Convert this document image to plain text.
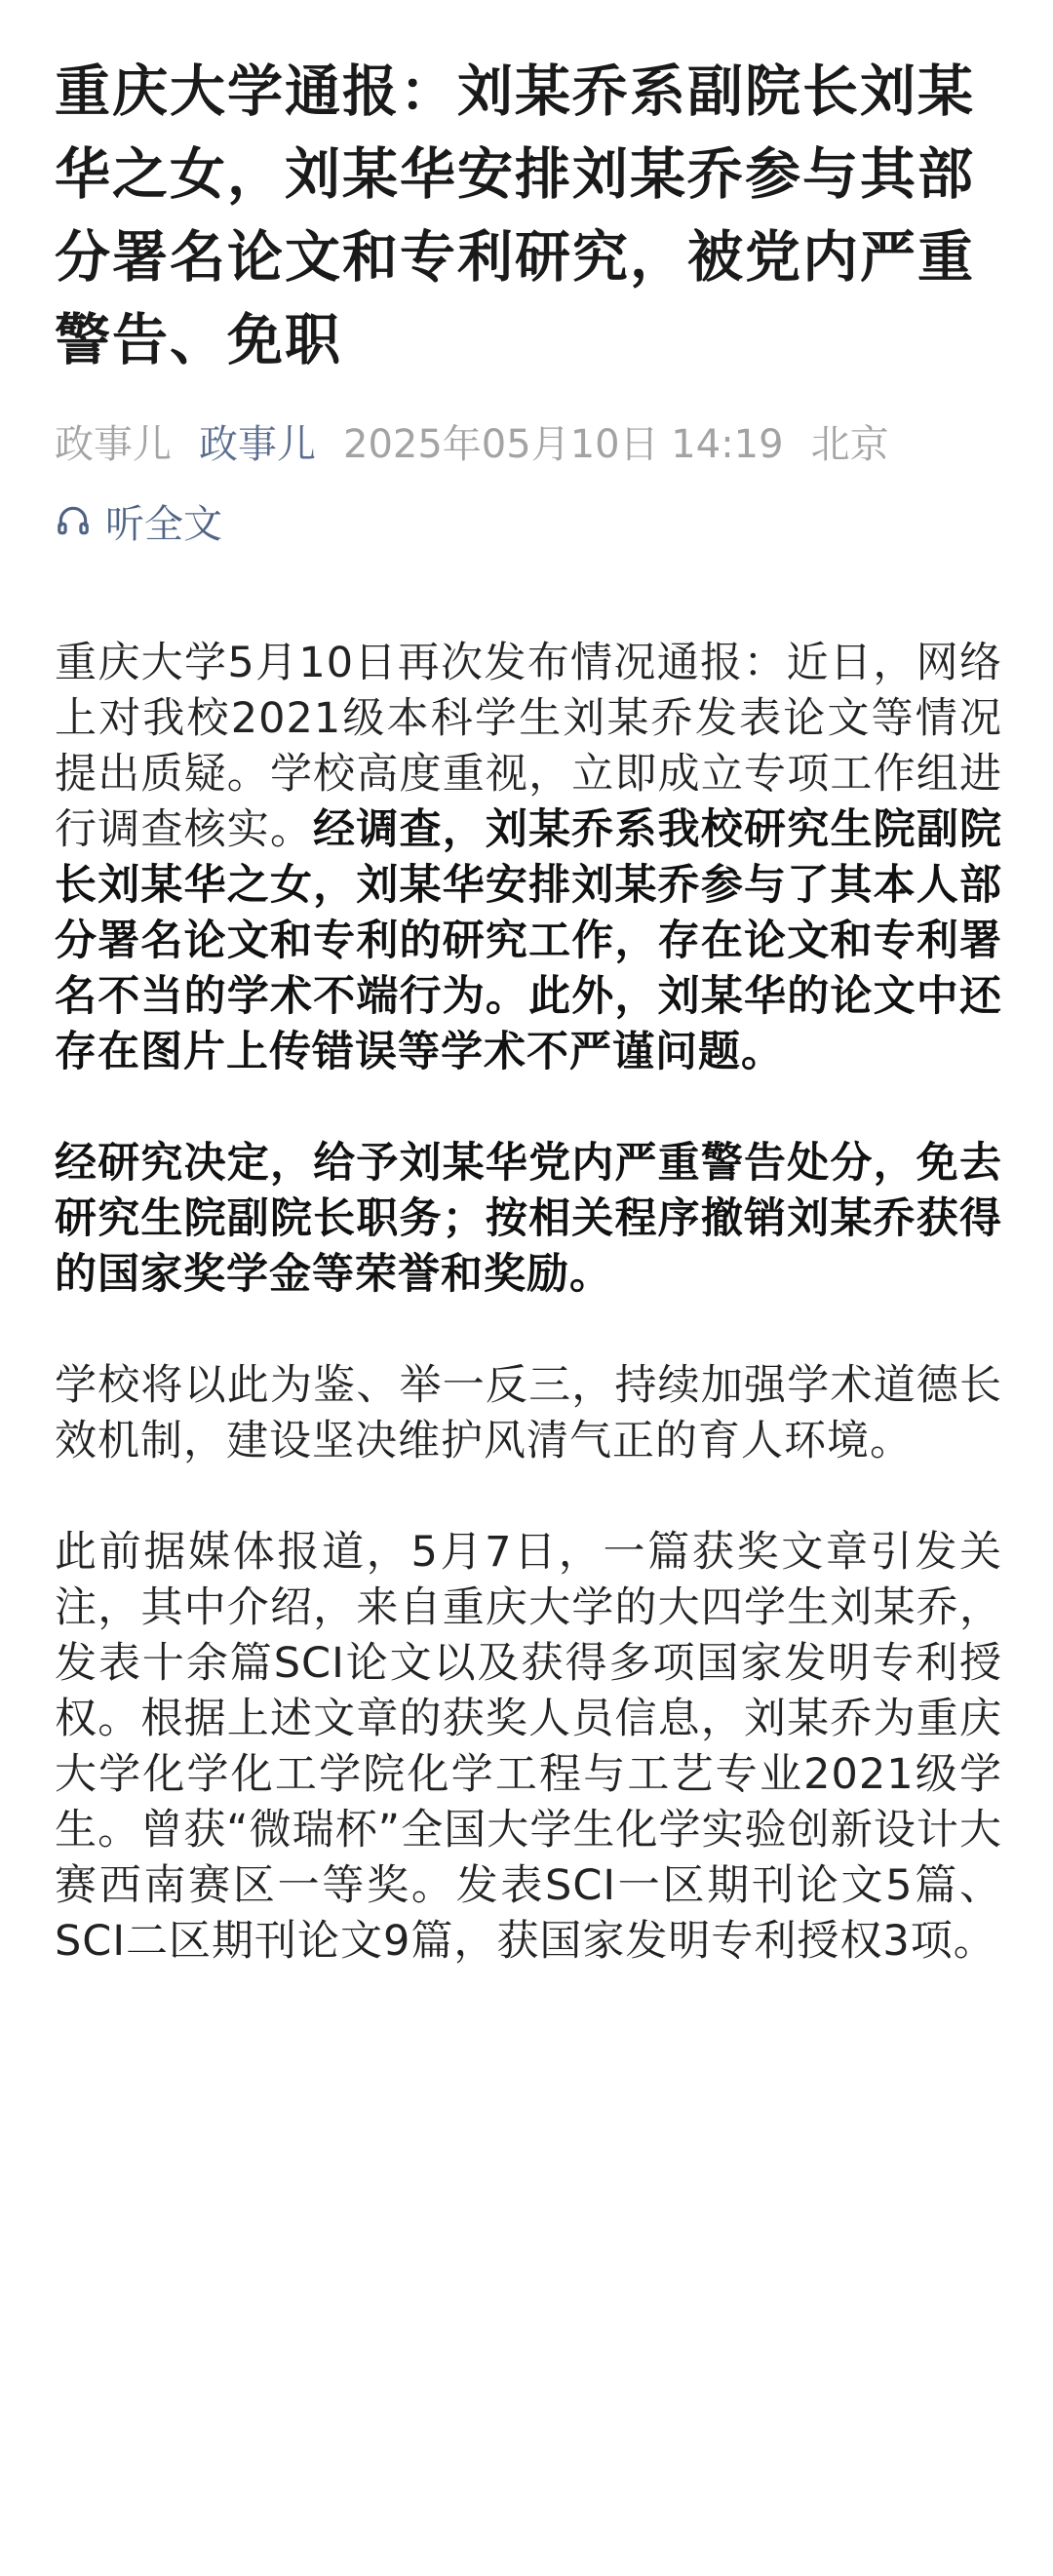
重庆大学通报：刘某乔系副院长刘某华之女，刘某华安排刘某乔参与其部分署名论文和专利研究，被党内严重警告、免职
政事儿 政事儿 2025年05月10日 14:19 北京
听全文

重庆大学5月10日再次发布情况通报：近日，网络上对我校2021级本科学生刘某乔发表论文等情况提出质疑。学校高度重视，立即成立专项工作组进行调查核实。经调查，刘某乔系我校研究生院副院长刘某华之女，刘某华安排刘某乔参与了其本人部分署名论文和专利的研究工作，存在论文和专利署名不当的学术不端行为。此外，刘某华的论文中还存在图片上传错误等学术不严谨问题。

经研究决定，给予刘某华党内严重警告处分，免去研究生院副院长职务；按相关程序撤销刘某乔获得的国家奖学金等荣誉和奖励。

学校将以此为鉴、举一反三，持续加强学术道德长效机制，建设坚决维护风清气正的育人环境。

此前据媒体报道，5月7日，一篇获奖文章引发关注，其中介绍，来自重庆大学的大四学生刘某乔，发表十余篇SCI论文以及获得多项国家发明专利授权。根据上述文章的获奖人员信息，刘某乔为重庆大学化学化工学院化学工程与工艺专业2021级学生。曾获“微瑞杯”全国大学生化学实验创新设计大赛西南赛区一等奖。发表SCI一区期刊论文5篇、SCI二区期刊论文9篇，获国家发明专利授权3项。
